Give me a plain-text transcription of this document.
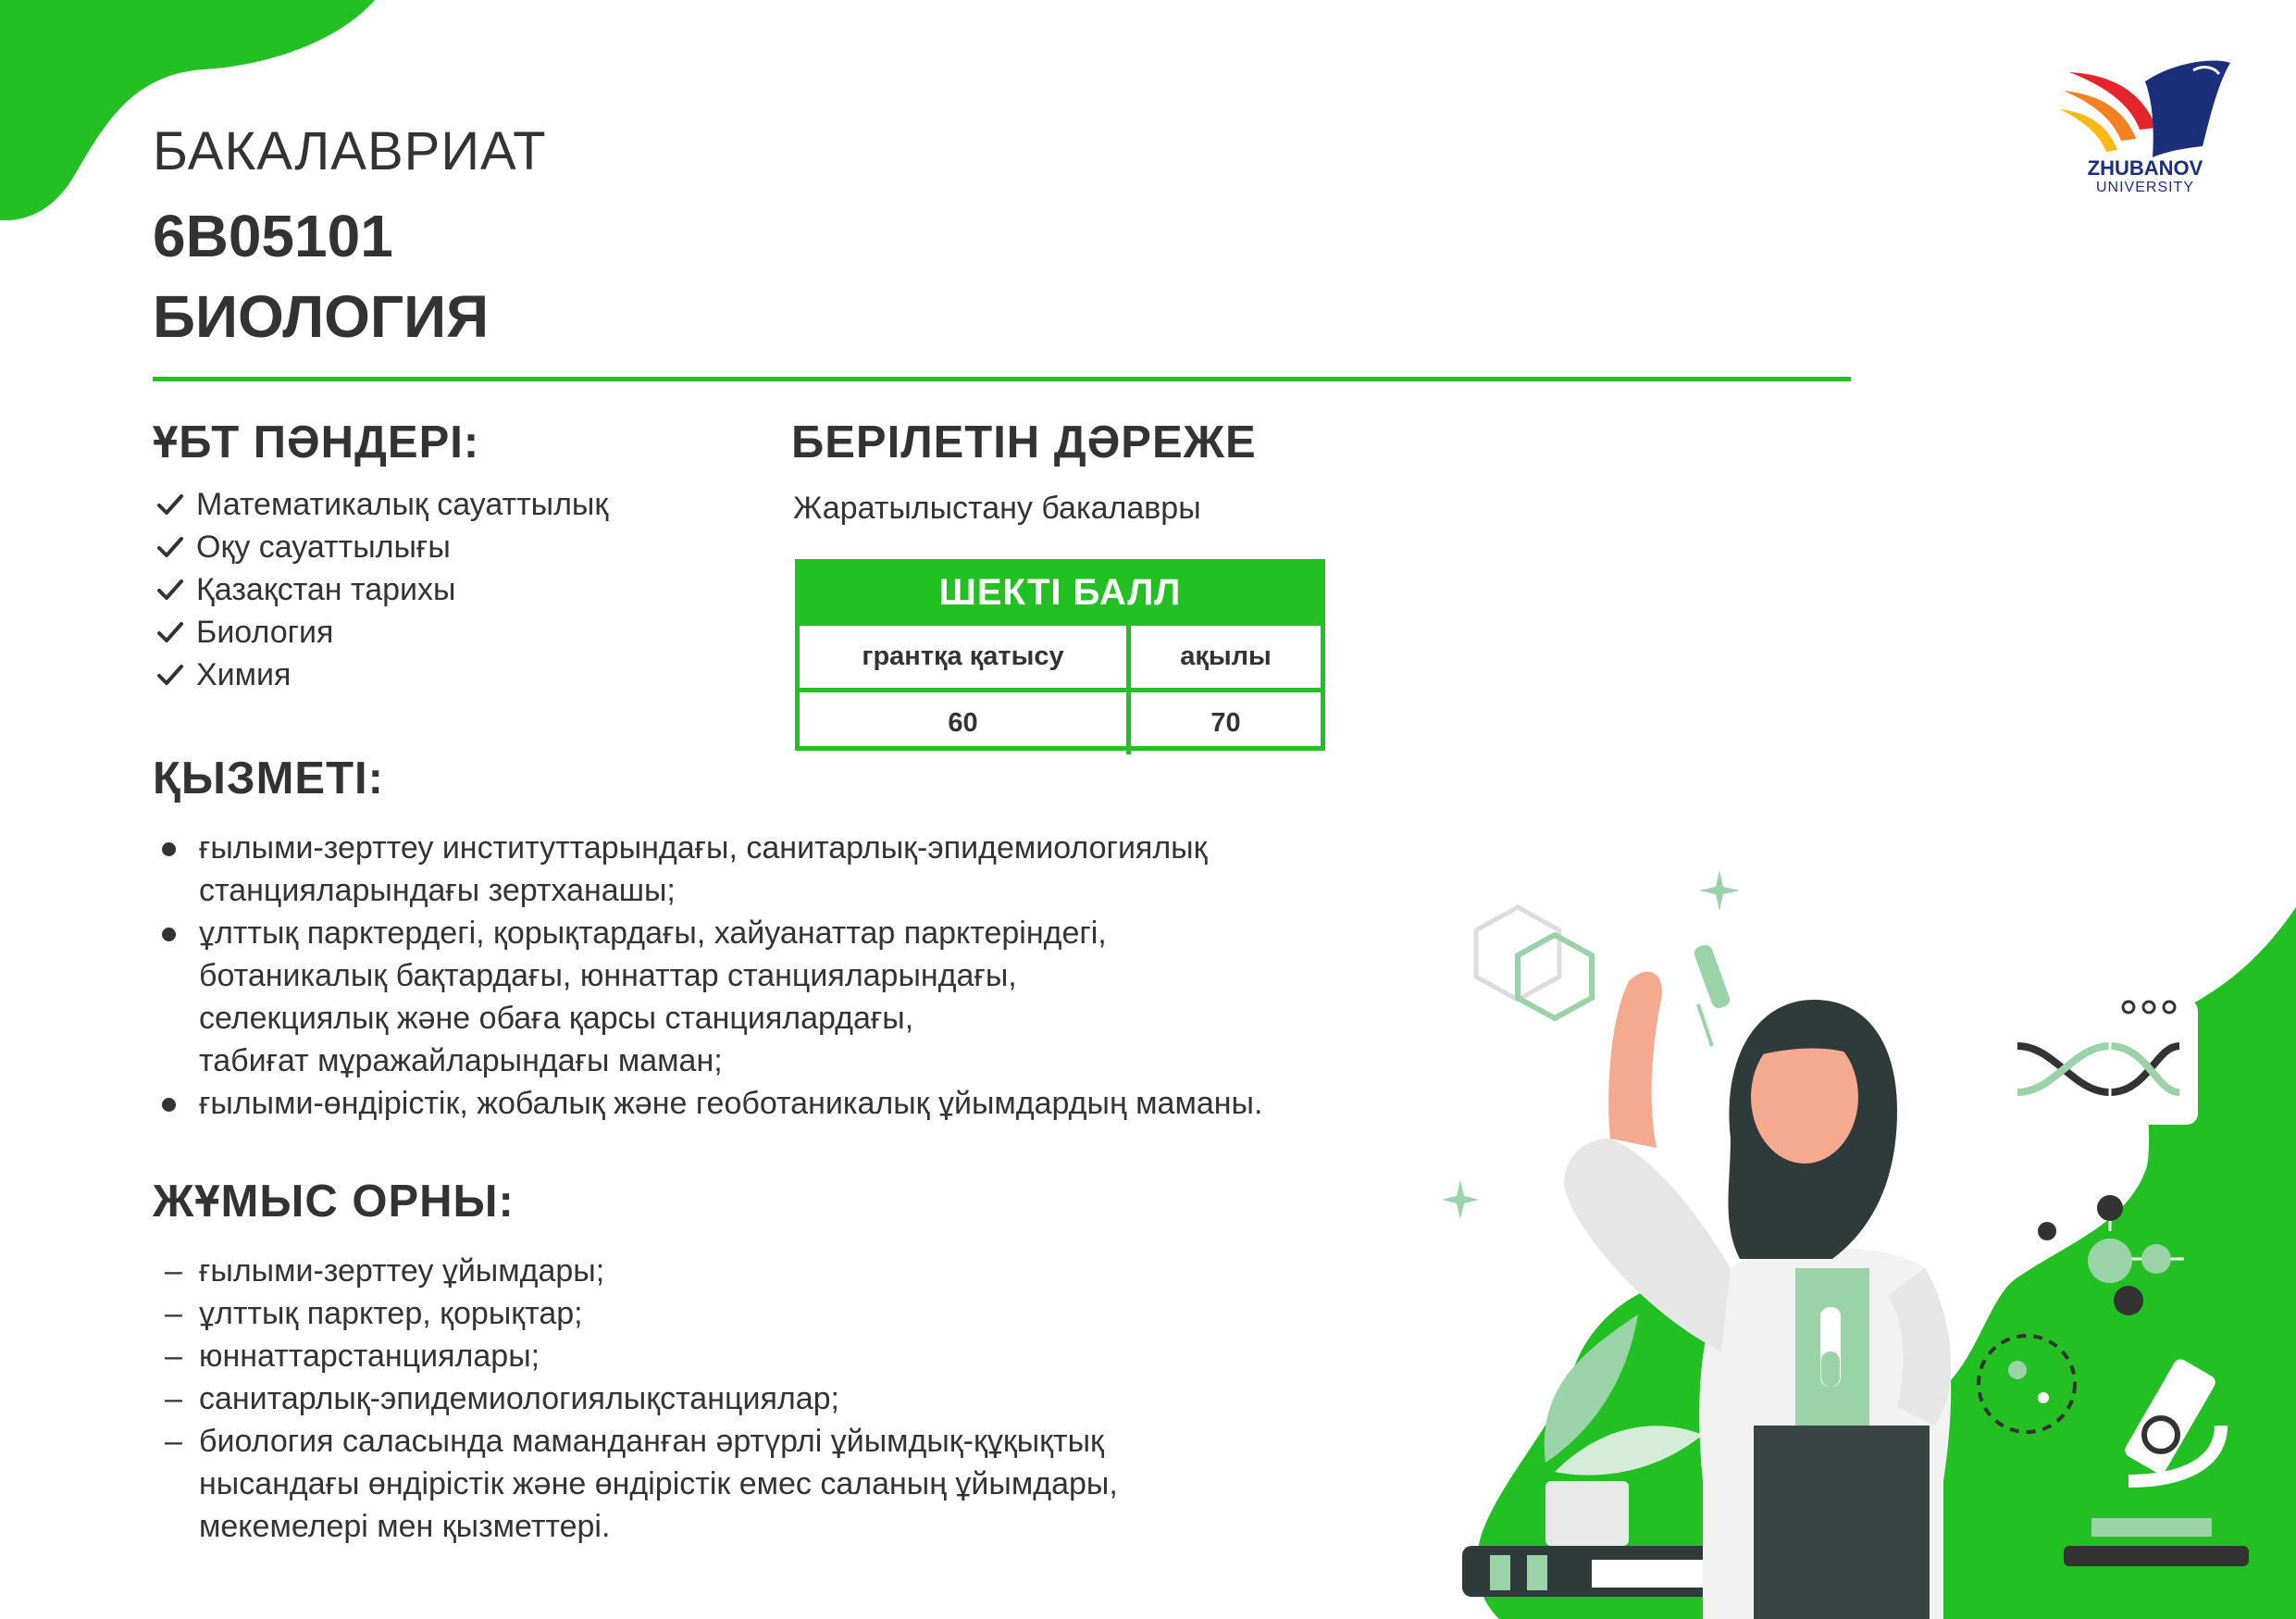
БАКАЛАВРИАТ
6В05101
БИОЛОГИЯ
ZHUBANOV
UNIVERSITY
ҰБТ ПӘНДЕРІ:
Математикалық сауаттылық
Оқу сауаттылығы
Қазақстан тарихы
Биология
Химия
БЕРІЛЕТІН ДӘРЕЖЕ
Жаратылыстану бакалавры
ШЕКТІ БАЛЛ
грантқа қатысу	ақылы
60	70
ҚЫЗМЕТІ:
ғылыми-зерттеу институттарындағы, санитарлық-эпидемиологиялық
станцияларындағы зертханашы;
ұлттық парктердегі, қорықтардағы, хайуанаттар парктеріндегі,
ботаникалық бақтардағы, юннаттар станцияларындағы,
селекциялық және обаға қарсы станциялардағы,
табиғат мұражайларындағы маман;
ғылыми-өндірістік, жобалық және геоботаникалық ұйымдардың маманы.
ЖҰМЫС ОРНЫ:
– ғылыми-зерттеу ұйымдары;
– ұлттық парктер, қорықтар;
– юннаттарстанциялары;
– санитарлық-эпидемиологиялықстанциялар;
– биология саласында маманданған әртүрлі ұйымдық-құқықтық
нысандағы өндірістік және өндірістік емес саланың ұйымдары,
мекемелері мен қызметтері.
